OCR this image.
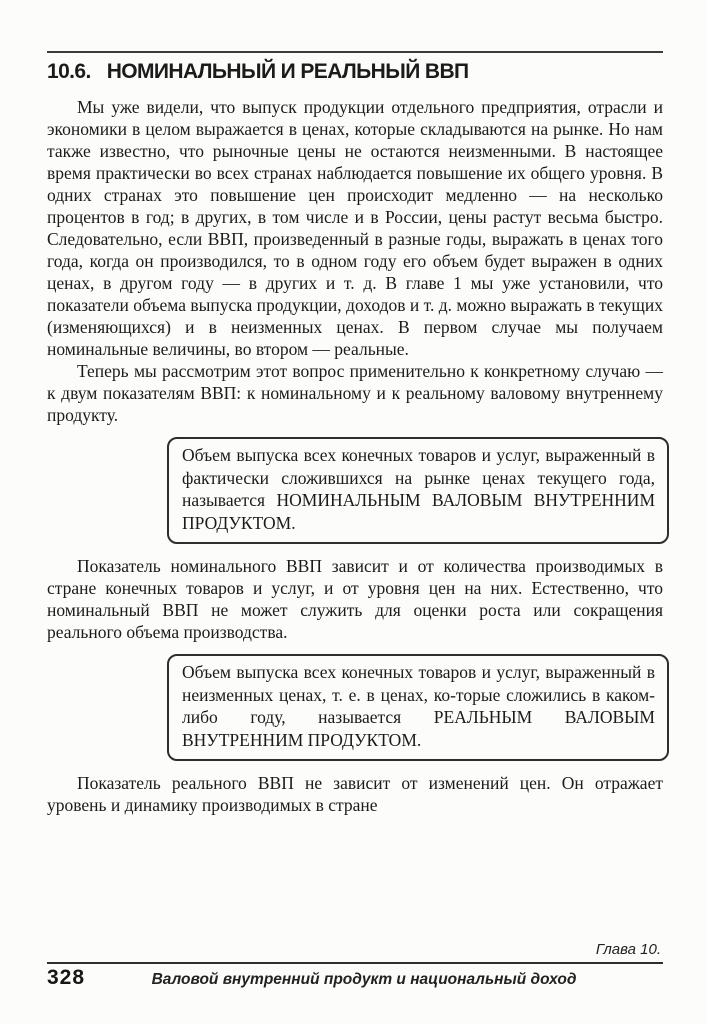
10.6. НОМИНАЛЬНЫЙ И РЕАЛЬНЫЙ ВВП

Мы уже видели, что выпуск продукции отдельного предприятия, отрасли и экономики в целом выражается в ценах, которые складываются на рынке. Но нам также известно, что рыночные цены не остаются неизменными. В настоящее время практически во всех странах наблюдается повышение их общего уровня. В одних странах это повышение цен происходит медленно — на несколько процентов в год; в других, в том числе и в России, цены растут весьма быстро. Следовательно, если ВВП, произведенный в разные годы, выражать в ценах того года, когда он производился, то в одном году его объем будет выражен в одних ценах, в другом году — в других и т. д. В главе 1 мы уже установили, что показатели объема выпуска продукции, доходов и т. д. можно выражать в текущих (изменяющихся) и в неизменных ценах. В первом случае мы получаем номинальные величины, во втором — реальные.

Теперь мы рассмотрим этот вопрос применительно к конкретному случаю — к двум показателям ВВП: к номинальному и к реальному валовому внутреннему продукту.

Объем выпуска всех конечных товаров и услуг, выраженный в фактически сложившихся на рынке ценах текущего года, называется НОМИНАЛЬНЫМ ВАЛОВЫМ ВНУТРЕННИМ ПРОДУКТОМ.

Показатель номинального ВВП зависит и от количества производимых в стране конечных товаров и услуг, и от уровня цен на них. Естественно, что номинальный ВВП не может служить для оценки роста или сокращения реального объема производства.

Объем выпуска всех конечных товаров и услуг, выраженный в неизменных ценах, т. е. в ценах, ко-торые сложились в каком-либо году, называется РЕАЛЬНЫМ ВАЛОВЫМ ВНУТРЕННИМ ПРОДУКТОМ.

Показатель реального ВВП не зависит от изменений цен. Он отражает уровень и динамику производимых в стране

Глава 10.
328	Валовой внутренний продукт и национальный доход
